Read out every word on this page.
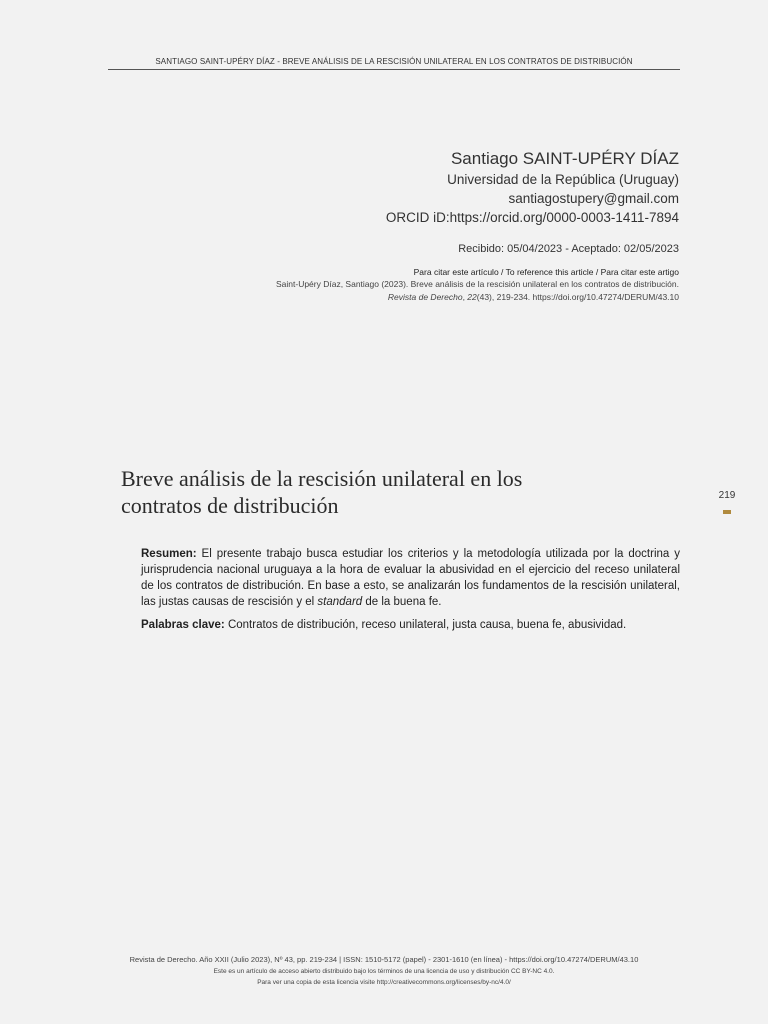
SANTIAGO SAINT-UPÉRY DÍAZ - BREVE ANÁLISIS DE LA RESCISIÓN UNILATERAL EN LOS CONTRATOS DE DISTRIBUCIÓN
Santiago SAINT-UPÉRY DÍAZ
Universidad de la República (Uruguay)
santiagostupery@gmail.com
ORCID iD:https://orcid.org/0000-0003-1411-7894
Recibido: 05/04/2023 - Aceptado: 02/05/2023
Para citar este artículo / To reference this article / Para citar este artigo
Saint-Upéry Díaz, Santiago (2023). Breve análisis de la rescisión unilateral en los contratos de distribución.
Revista de Derecho, 22(43), 219-234. https://doi.org/10.47274/DERUM/43.10
Breve análisis de la rescisión unilateral en los
contratos de distribución	219

Resumen: El presente trabajo busca estudiar los criterios y la metodología utilizada por la doctrina y jurisprudencia nacional uruguaya a la hora de evaluar la abusividad en el ejercicio del receso unilateral de los contratos de distribución. En base a esto, se analizarán los fundamentos de la rescisión unilateral, las justas causas de rescisión y el standard de la buena fe.

Palabras clave: Contratos de distribución, receso unilateral, justa causa, buena fe, abusividad.

Revista de Derecho. Año XXII (Julio 2023), Nº 43, pp. 219-234 | ISSN: 1510-5172 (papel) - 2301-1610 (en línea) - https://doi.org/10.47274/DERUM/43.10
Este es un artículo de acceso abierto distribuido bajo los términos de una licencia de uso y distribución CC BY-NC 4.0.
Para ver una copia de esta licencia visite http://creativecommons.org/licenses/by-nc/4.0/
